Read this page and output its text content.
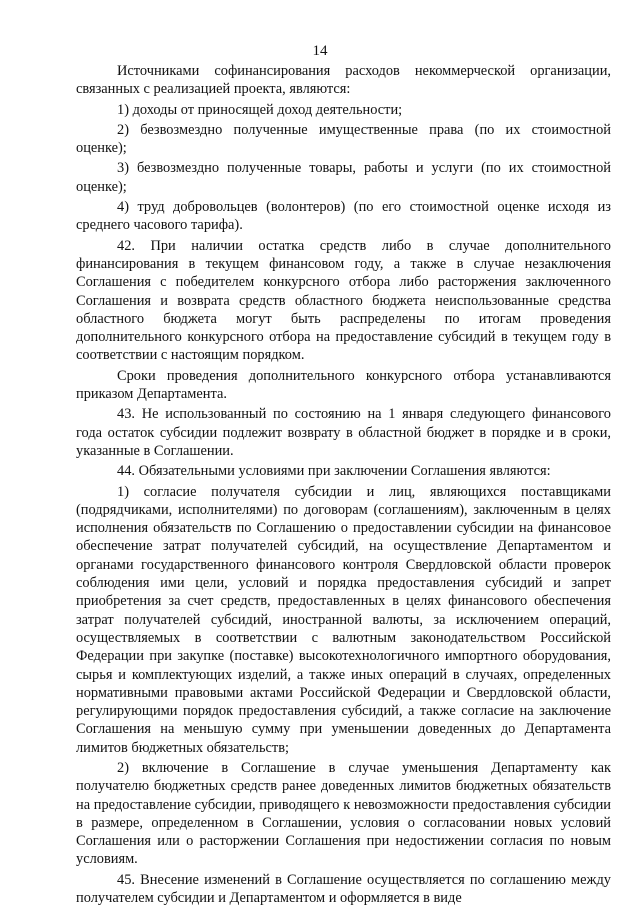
14

Источниками софинансирования расходов некоммерческой организации, связанных с реализацией проекта, являются:

1) доходы от приносящей доход деятельности;

2) безвозмездно полученные имущественные права (по их стоимостной оценке);

3) безвозмездно полученные товары, работы и услуги (по их стоимостной оценке);

4) труд добровольцев (волонтеров) (по его стоимостной оценке исходя из среднего часового тарифа).

42. При наличии остатка средств либо в случае дополнительного финансирования в текущем финансовом году, а также в случае незаключения Соглашения с победителем конкурсного отбора либо расторжения заключенного Соглашения и возврата средств областного бюджета неиспользованные средства областного бюджета могут быть распределены по итогам проведения дополнительного конкурсного отбора на предоставление субсидий в текущем году в соответствии с настоящим порядком.

Сроки проведения дополнительного конкурсного отбора устанавливаются приказом Департамента.

43. Не использованный по состоянию на 1 января следующего финансового года остаток субсидии подлежит возврату в областной бюджет в порядке и в сроки, указанные в Соглашении.

44. Обязательными условиями при заключении Соглашения являются:

1) согласие получателя субсидии и лиц, являющихся поставщиками (подрядчиками, исполнителями) по договорам (соглашениям), заключенным в целях исполнения обязательств по Соглашению о предоставлении субсидии на финансовое обеспечение затрат получателей субсидий, на осуществление Департаментом и органами государственного финансового контроля Свердловской области проверок соблюдения ими цели, условий и порядка предоставления субсидий и запрет приобретения за счет средств, предоставленных в целях финансового обеспечения затрат получателей субсидий, иностранной валюты, за исключением операций, осуществляемых в соответствии с валютным законодательством Российской Федерации при закупке (поставке) высокотехнологичного импортного оборудования, сырья и комплектующих изделий, а также иных операций в случаях, определенных нормативными правовыми актами Российской Федерации и Свердловской области, регулирующими порядок предоставления субсидий, а также согласие на заключение Соглашения на меньшую сумму при уменьшении доведенных до Департамента лимитов бюджетных обязательств;

2) включение в Соглашение в случае уменьшения Департаменту как получателю бюджетных средств ранее доведенных лимитов бюджетных обязательств на предоставление субсидии, приводящего к невозможности предоставления субсидии в размере, определенном в Соглашении, условия о согласовании новых условий Соглашения или о расторжении Соглашения при недостижении согласия по новым условиям.

45. Внесение изменений в Соглашение осуществляется по соглашению между получателем субсидии и Департаментом и оформляется в виде
